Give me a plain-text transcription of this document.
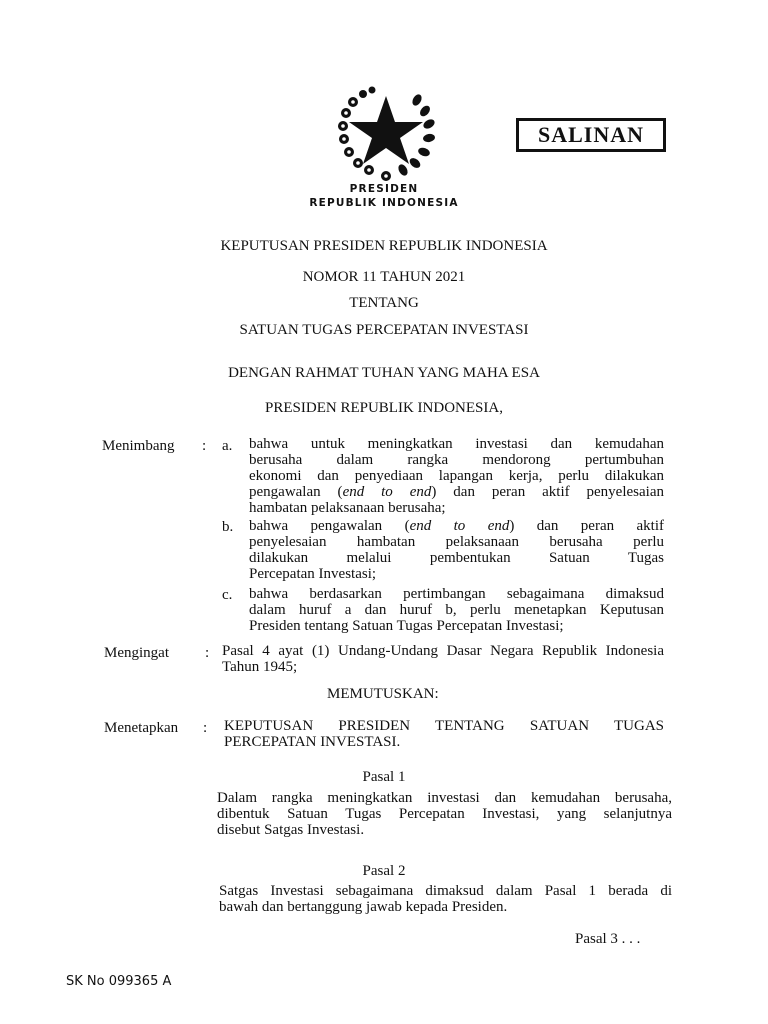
SALINAN
PRESIDEN
REPUBLIK INDONESIA
KEPUTUSAN PRESIDEN REPUBLIK INDONESIA
NOMOR 11 TAHUN 2021
TENTANG
SATUAN TUGAS PERCEPATAN INVESTASI
DENGAN RAHMAT TUHAN YANG MAHA ESA
PRESIDEN REPUBLIK INDONESIA,
Menimbang : a. bahwa untuk meningkatkan investasi dan kemudahan
berusaha dalam rangka mendorong pertumbuhan
ekonomi dan penyediaan lapangan kerja, perlu dilakukan
pengawalan (end to end) dan peran aktif penyelesaian
hambatan pelaksanaan berusaha;
b. bahwa pengawalan (end to end) dan peran aktif
penyelesaian hambatan pelaksanaan berusaha perlu
dilakukan melalui pembentukan Satuan Tugas
Percepatan Investasi;
c. bahwa berdasarkan pertimbangan sebagaimana dimaksud
dalam huruf a dan huruf b, perlu menetapkan Keputusan
Presiden tentang Satuan Tugas Percepatan Investasi;
Mengingat : Pasal 4 ayat (1) Undang-Undang Dasar Negara Republik Indonesia
Tahun 1945;
MEMUTUSKAN:
Menetapkan : KEPUTUSAN PRESIDEN TENTANG SATUAN TUGAS
PERCEPATAN INVESTASI.
Pasal 1
Dalam rangka meningkatkan investasi dan kemudahan berusaha,
dibentuk Satuan Tugas Percepatan Investasi, yang selanjutnya
disebut Satgas Investasi.
Pasal 2
Satgas Investasi sebagaimana dimaksud dalam Pasal 1 berada di
bawah dan bertanggung jawab kepada Presiden.
Pasal 3 . . .
SK No 099365 A
